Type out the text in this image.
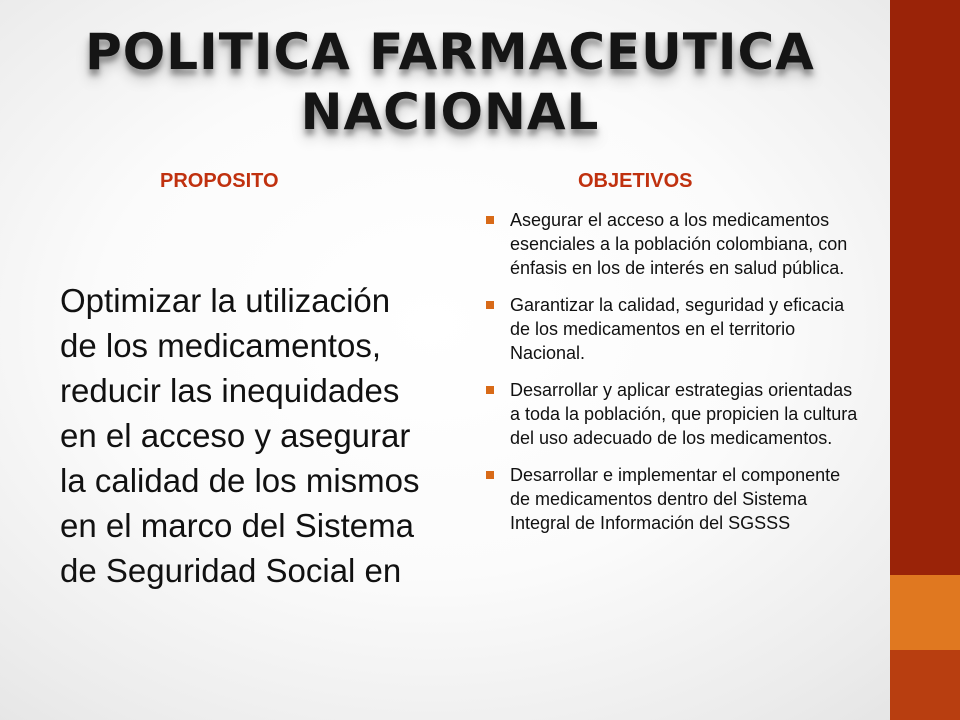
POLITICA FARMACEUTICA NACIONAL
PROPOSITO	OBJETIVOS

Optimizar la utilización de los medicamentos, reducir las inequidades en el acceso y asegurar la calidad de los mismos en el marco del Sistema de Seguridad Social en

Asegurar el acceso a los medicamentos esenciales a la población colombiana, con énfasis en los de interés en salud pública.
Garantizar la calidad, seguridad y eficacia de los medicamentos en el territorio Nacional.
Desarrollar y aplicar estrategias orientadas a toda la población, que propicien la cultura del uso adecuado de los medicamentos.
Desarrollar e implementar el componente de medicamentos dentro del Sistema Integral de Información del SGSSS
